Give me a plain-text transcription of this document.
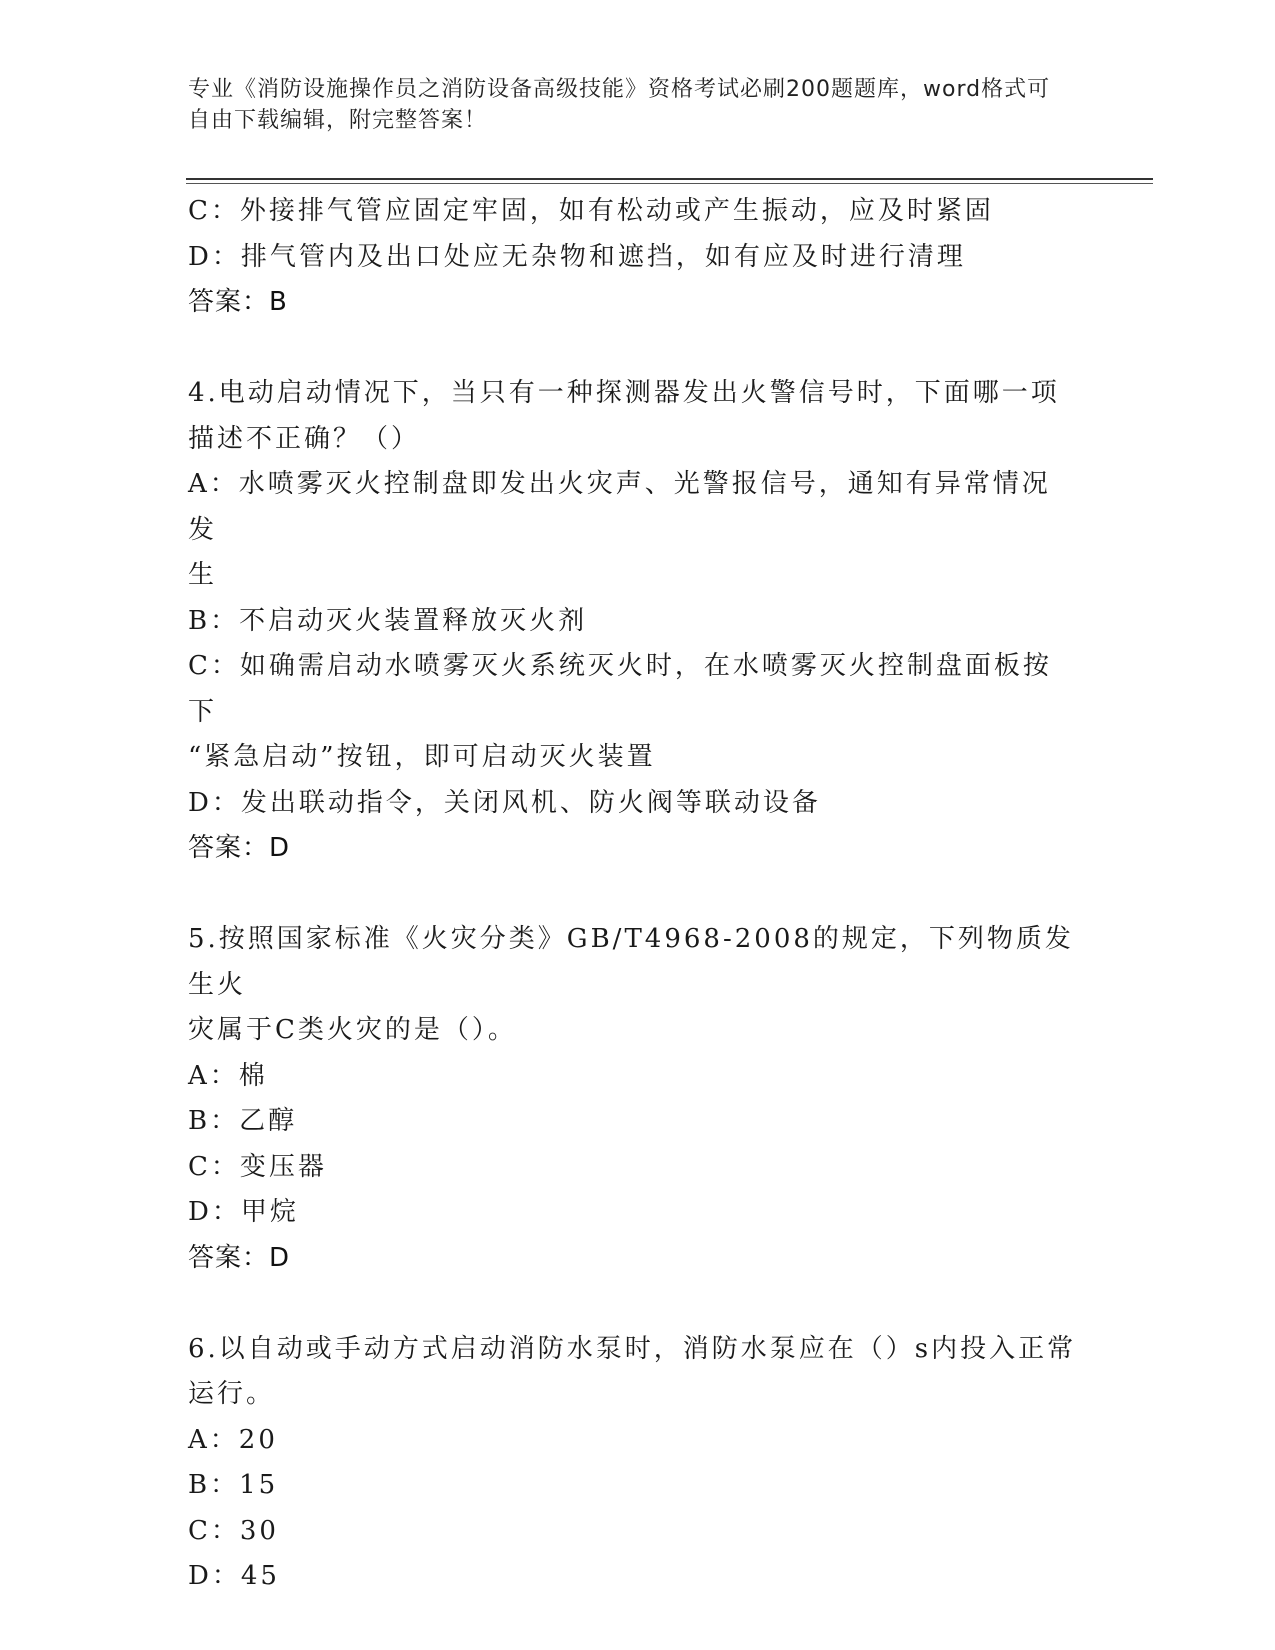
专业《消防设施操作员之消防设备高级技能》资格考试必刷200题题库，word格式可自由下载编辑，附完整答案！

C：外接排气管应固定牢固，如有松动或产生振动，应及时紧固

D：排气管内及出口处应无杂物和遮挡，如有应及时进行清理

答案：B

4.电动启动情况下，当只有一种探测器发出火警信号时，下面哪一项

描述不正确？（）

A：水喷雾灭火控制盘即发出火灾声、光警报信号，通知有异常情况发

生

B：不启动灭火装置释放灭火剂

C：如确需启动水喷雾灭火系统灭火时，在水喷雾灭火控制盘面板按下

“紧急启动”按钮，即可启动灭火装置

D：发出联动指令，关闭风机、防火阀等联动设备

答案：D

5.按照国家标准《火灾分类》GB/T4968-2008的规定，下列物质发生火

灾属于C类火灾的是（）。

A：棉

B：乙醇

C：变压器

D：甲烷

答案：D

6.以自动或手动方式启动消防水泵时，消防水泵应在（）s内投入正常

运行。

A：20

B：15

C：30

D：45
